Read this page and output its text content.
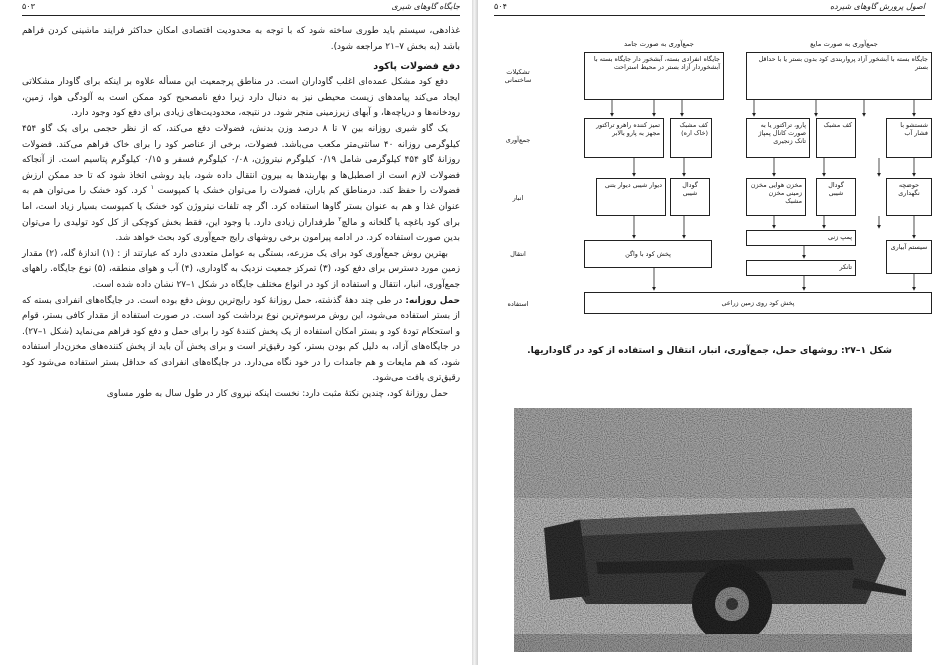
جایگاه گاوهای شیری
۵۰۳

غذادهی، سیستم باید طوری ساخته شود که با توجه به محدودیت اقتصادی امکان حداکثر فرایند ماشینی کردن فراهم باشد (به بخش ۷–۲۱ مراجعه شود).

دفع فضولات پاکود

دفع کود مشکل عمده‌ای اغلب گاوداران است. در مناطق پرجمعیت این مسأله علاوه بر اینکه برای گاودار مشکلاتی ایجاد می‌کند پیامدهای زیست محیطی نیز به دنبال دارد زیرا دفع نامصحیح کود ممکن است به آلودگی هوا، زمین، رودخانه‌ها و دریاچه‌ها، و آبهای زیرزمینی منجر شود. در نتیجه، محدودیت‌های زیادی برای دفع کود وجود دارد.

یک گاو شیری روزانه بین ۷ تا ۸ درصد وزن بدنش، فضولات دفع می‌کند، که از نظر حجمی برای یک گاو ۴۵۴ کیلوگرمی روزانه ۴۰ سانتی‌متر مکعب می‌باشد. فضولات، برخی از عناصر کود را برای خاک فراهم می‌کند. فضولات روزانهٔ گاو ۴۵۴ کیلوگرمی شامل ۰/۱۹ کیلوگرم نیتروژن، ۰/۰۸ کیلوگرم فسفر و ۰/۱۵ کیلوگرم پتاسیم است. از آنجاکه فضولات لازم است از اصطبل‌ها و بهاربندها به بیرون انتقال داده شود، باید روشی اتخاذ شود که تا حد ممکن ارزش فضولات را حفظ کند. درمناطق کم باران، فضولات را می‌توان خشک یا کمپوست $^۱$ کرد. کود خشک را می‌توان هم به عنوان غذا و هم به عنوان بستر گاوها استفاده کرد. اگر چه تلفات نیتروژن کود خشک یا کمپوست بسیار زیاد است، اما برای کود باغچه یا گلخانه و مالچ$^۲$ طرفداران زیادی دارد. با وجود این، فقط بخش کوچکی از کل کود تولیدی را می‌توان بدین صورت استفاده کرد. در ادامه پیرامون برخی روشهای رایج جمع‌آوری کود بحث خواهد شد.

بهترین روش جمع‌آوری کود برای یک مزرعه، بستگی به عوامل متعددی دارد که عبارتند از : (۱) اندازهٔ گله، (۲) مقدار زمین مورد دسترس برای دفع کود، (۳) تمرکز جمعیت نزدیک به گاوداری، (۴) آب و هوای منطقه، (۵) نوع جایگاه. راههای جمع‌آوری، انبار، انتقال و استفاده از کود در انواع مختلف جایگاه در شکل ۱–۲۷ نشان داده شده است.

حمل روزانه: در طی چند دههٔ گذشته، حمل روزانهٔ کود رایج‌ترین روش دفع بوده است. در جایگاه‌های انفرادی بسته که از بستر استفاده می‌شود، این روش مرسوم‌ترین نوع برداشت کود است. در صورت استفاده از مقدار کافی بستر، قوام و استحکام تودهٔ کود و بستر امکان استفاده از یک پخش کنندهٔ کود را برای حمل و دفع کود فراهم می‌نماید (شکل ۱–۲۷). در جایگاه‌های آزاد، به دلیل کم بودن بستر، کود رقیق‌تر است و برای پخش آن باید از پخش کننده‌های مخزن‌دار استفاده شود، که هم مایعات و هم جامدات را در خود نگاه می‌دارد. در جایگاه‌های انفرادی که حداقل بستر استفاده می‌شود کود رقیق‌تری یافت می‌شود.

حمل روزانهٔ کود، چندین نکتهٔ مثبت دارد: نخست اینکه نیروی کار در طول سال به طور مساوی

اصول پرورش گاوهای شیرده
۵۰۴
جمع‌آوری به صورت جامد	جمع‌آوری به صورت مایع
تشکیلات ساختمانی
جمع‌آوری
انبار
انتقال
استفاده
جایگاه انفرادی بسته، آبشخور دار جایگاه بسته با آبشخوردار آزاد بستر در محیط استراحت
جایگاه بسته با آبشخور آزاد پرواربندی کود بدون بستر یا با حداقل بستر
تمیز کننده راهرو تراکتور مجهز به پارو بالابر
کف مشبک (خاک اره)
پارو، تراکتور یا به صورت کانال پمپاژ تانک زنجیری
کف مشبک	شستشو با فشار آب
دیوار شیبی دیوار بتنی	گودال شیبی
مخزن هوایی مخزن زمینی مخزن مشبک
گودال شیبی
حوضچه نگهداری
پمپ زنی
تانکر
سیستم آبیاری
پخش کود با واگن
پخش کود روی زمین زراعی
شکل ۱–۲۷: روشهای حمل، جمع‌آوری، انبار، انتقال و استفاده از کود در گاوداریها.
